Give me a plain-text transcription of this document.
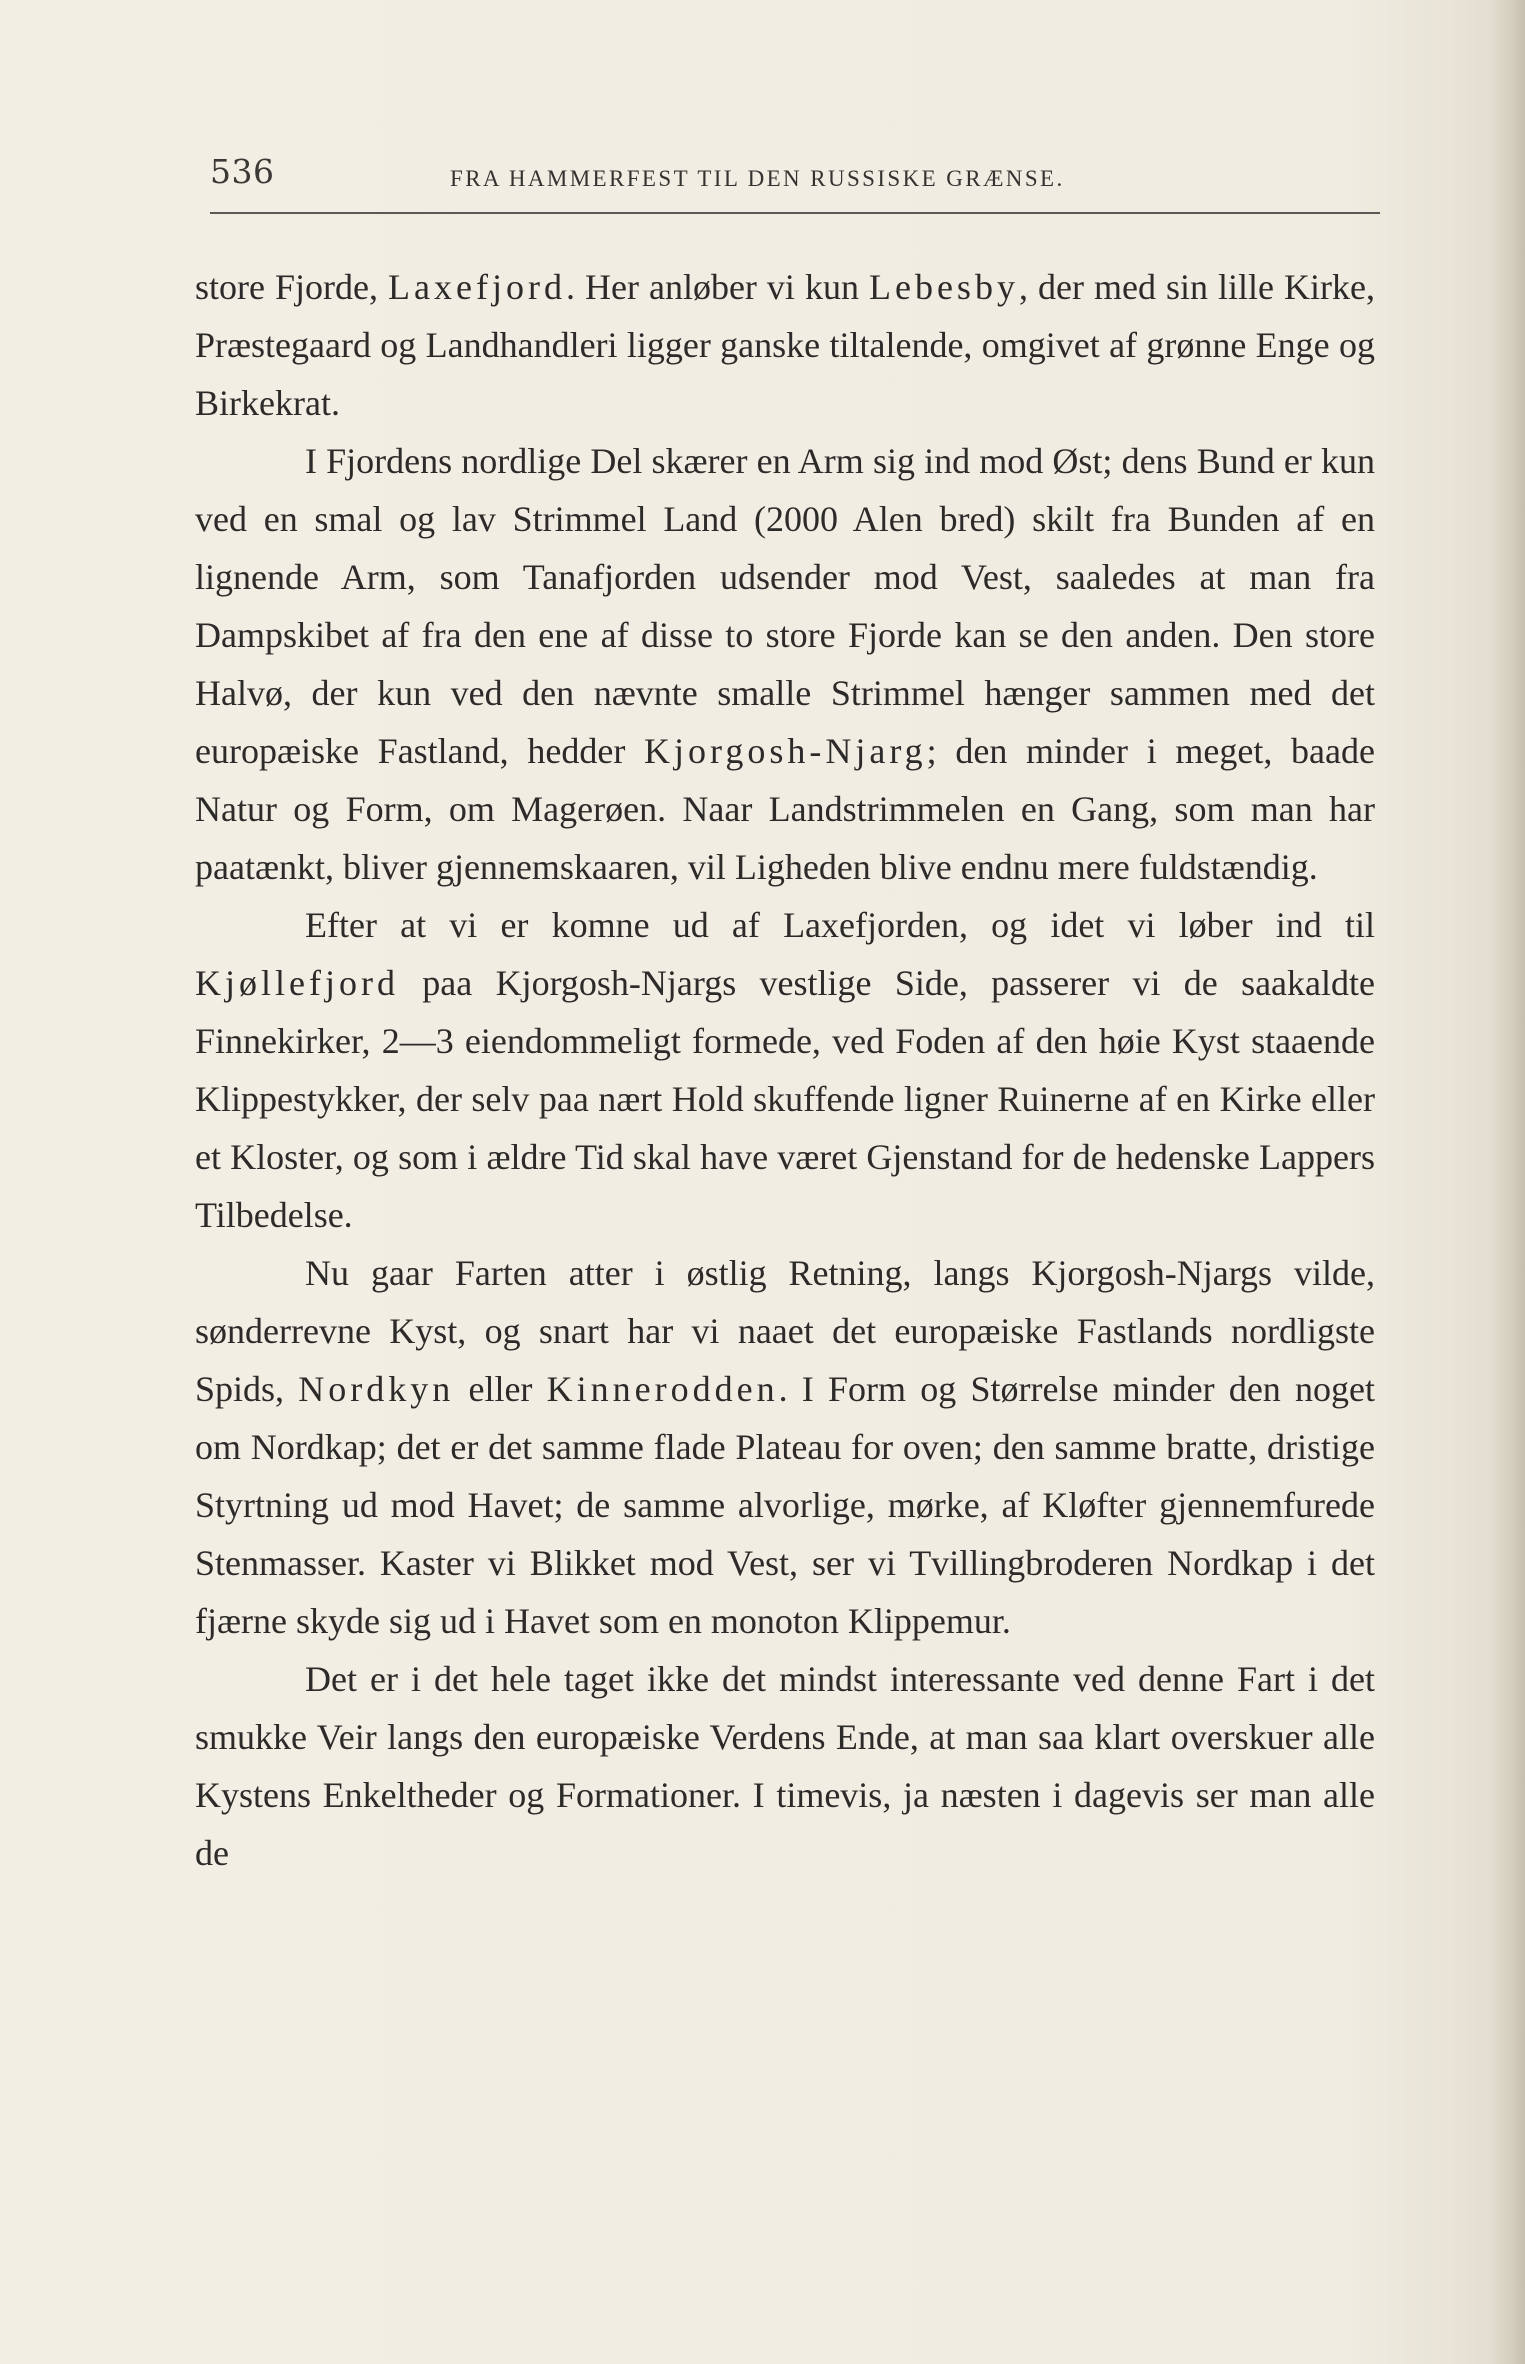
536	FRA HAMMERFEST TIL DEN RUSSISKE GRÆNSE.

store Fjorde, Laxefjord. Her anløber vi kun Lebesby, der med sin lille Kirke, Præstegaard og Landhandleri ligger ganske tiltalende, omgivet af grønne Enge og Birkekrat.

I Fjordens nordlige Del skærer en Arm sig ind mod Øst; dens Bund er kun ved en smal og lav Strimmel Land (2000 Alen bred) skilt fra Bunden af en lignende Arm, som Tanafjorden udsender mod Vest, saaledes at man fra Dampskibet af fra den ene af disse to store Fjorde kan se den anden. Den store Halvø, der kun ved den nævnte smalle Strimmel hænger sammen med det europæiske Fastland, hedder Kjorgosh-Njarg; den minder i meget, baade Natur og Form, om Magerøen. Naar Landstrimmelen en Gang, som man har paatænkt, bliver gjennemskaaren, vil Ligheden blive endnu mere fuldstændig.

Efter at vi er komne ud af Laxefjorden, og idet vi løber ind til Kjøllefjord paa Kjorgosh-Njargs vestlige Side, passerer vi de saakaldte Finnekirker, 2—3 eiendommeligt formede, ved Foden af den høie Kyst staaende Klippestykker, der selv paa nært Hold skuffende ligner Ruinerne af en Kirke eller et Kloster, og som i ældre Tid skal have været Gjenstand for de hedenske Lappers Tilbedelse.

Nu gaar Farten atter i østlig Retning, langs Kjorgosh-Njargs vilde, sønderrevne Kyst, og snart har vi naaet det europæiske Fastlands nordligste Spids, Nordkyn eller Kinnerodden. I Form og Størrelse minder den noget om Nordkap; det er det samme flade Plateau for oven; den samme bratte, dristige Styrtning ud mod Havet; de samme alvorlige, mørke, af Kløfter gjennemfurede Stenmasser. Kaster vi Blikket mod Vest, ser vi Tvillingbroderen Nordkap i det fjærne skyde sig ud i Havet som en monoton Klippemur.

Det er i det hele taget ikke det mindst interessante ved denne Fart i det smukke Veir langs den europæiske Verdens Ende, at man saa klart overskuer alle Kystens Enkeltheder og Formationer. I timevis, ja næsten i dagevis ser man alle de
